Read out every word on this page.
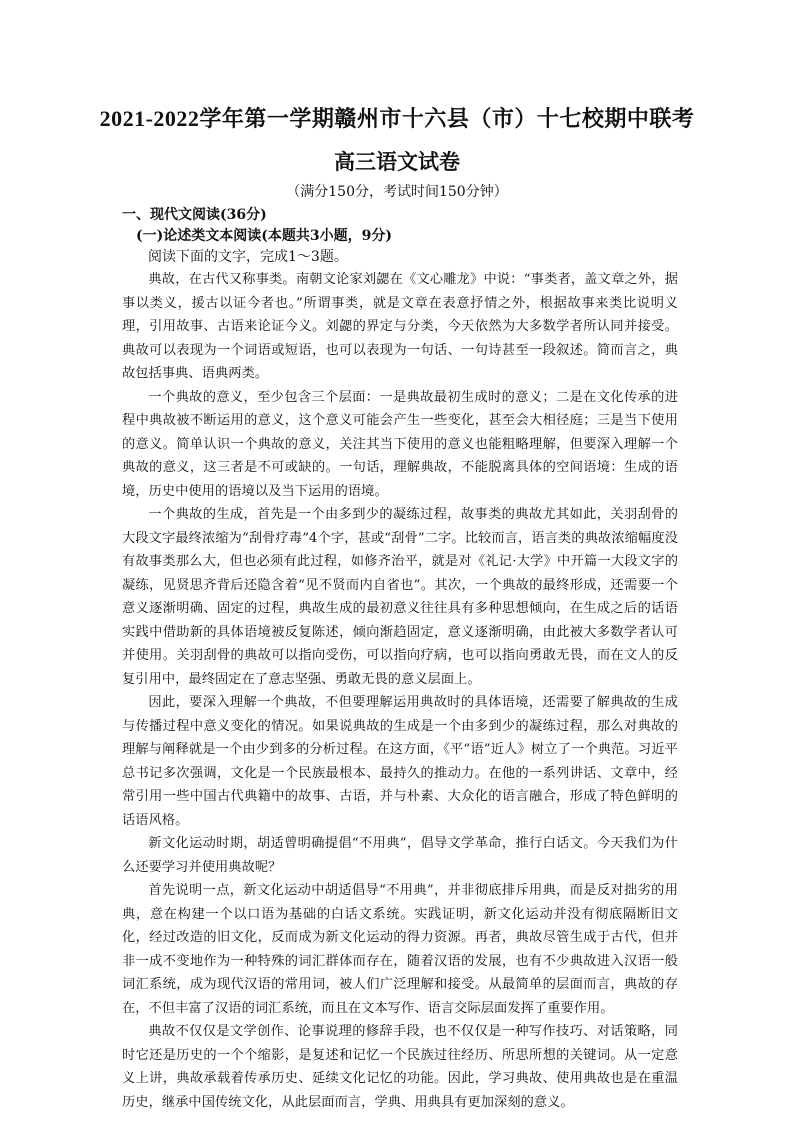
2021-2022学年第一学期赣州市十六县（市）十七校期中联考
高三语文试卷
（满分150分，考试时间150分钟）
一、现代文阅读(36分)
(一)论述类文本阅读(本题共3小题，9分)
阅读下面的文字，完成1～3题。

典故，在古代又称事类。南朝文论家刘勰在《文心雕龙》中说：“事类者，盖文章之外，据事以类义，援古以证今者也。”所谓事类，就是文章在表意抒情之外，根据故事来类比说明义理，引用故事、古语来论证今义。刘勰的界定与分类，今天依然为大多数学者所认同并接受。典故可以表现为一个词语或短语，也可以表现为一句话、一句诗甚至一段叙述。简而言之，典故包括事典、语典两类。

一个典故的意义，至少包含三个层面：一是典故最初生成时的意义；二是在文化传承的进程中典故被不断运用的意义，这个意义可能会产生一些变化，甚至会大相径庭；三是当下使用的意义。简单认识一个典故的意义，关注其当下使用的意义也能粗略理解，但要深入理解一个典故的意义，这三者是不可或缺的。一句话，理解典故，不能脱离具体的空间语境：生成的语境，历史中使用的语境以及当下运用的语境。

一个典故的生成，首先是一个由多到少的凝练过程，故事类的典故尤其如此，关羽刮骨的大段文字最终浓缩为“刮骨疗毒”4个字，甚或“刮骨”二字。比较而言，语言类的典故浓缩幅度没有故事类那么大，但也必须有此过程，如修齐治平，就是对《礼记·大学》中开篇一大段文字的凝练，见贤思齐背后还隐含着“见不贤而内自省也”。其次，一个典故的最终形成，还需要一个意义逐渐明确、固定的过程，典故生成的最初意义往往具有多种思想倾向，在生成之后的话语实践中借助新的具体语境被反复陈述，倾向渐趋固定，意义逐渐明确，由此被大多数学者认可并使用。关羽刮骨的典故可以指向受伤，可以指向疗病，也可以指向勇敢无畏，而在文人的反复引用中，最终固定在了意志坚强、勇敢无畏的意义层面上。

因此，要深入理解一个典故，不但要理解运用典故时的具体语境，还需要了解典故的生成与传播过程中意义变化的情况。如果说典故的生成是一个由多到少的凝练过程，那么对典故的理解与阐释就是一个由少到多的分析过程。在这方面，《平“语”近人》树立了一个典范。习近平总书记多次强调，文化是一个民族最根本、最持久的推动力。在他的一系列讲话、文章中，经常引用一些中国古代典籍中的故事、古语，并与朴素、大众化的语言融合，形成了特色鲜明的话语风格。

新文化运动时期，胡适曾明确提倡“不用典”，倡导文学革命，推行白话文。今天我们为什么还要学习并使用典故呢？

首先说明一点，新文化运动中胡适倡导“不用典”，并非彻底排斥用典，而是反对拙劣的用典，意在构建一个以口语为基础的白话文系统。实践证明，新文化运动并没有彻底隔断旧文化，经过改造的旧文化，反而成为新文化运动的得力资源。再者，典故尽管生成于古代，但并非一成不变地作为一种特殊的词汇群体而存在，随着汉语的发展，也有不少典故进入汉语一般词汇系统，成为现代汉语的常用词，被人们广泛理解和接受。从最简单的层面而言，典故的存在，不但丰富了汉语的词汇系统，而且在文本写作、语言交际层面发挥了重要作用。

典故不仅仅是文学创作、论事说理的修辞手段，也不仅仅是一种写作技巧、对话策略，同时它还是历史的一个个缩影，是复述和记忆一个民族过往经历、所思所想的关键词。从一定意义上讲，典故承载着传承历史、延续文化记忆的功能。因此，学习典故、使用典故也是在重温历史，继承中国传统文化，从此层面而言，学典、用典具有更加深刻的意义。
